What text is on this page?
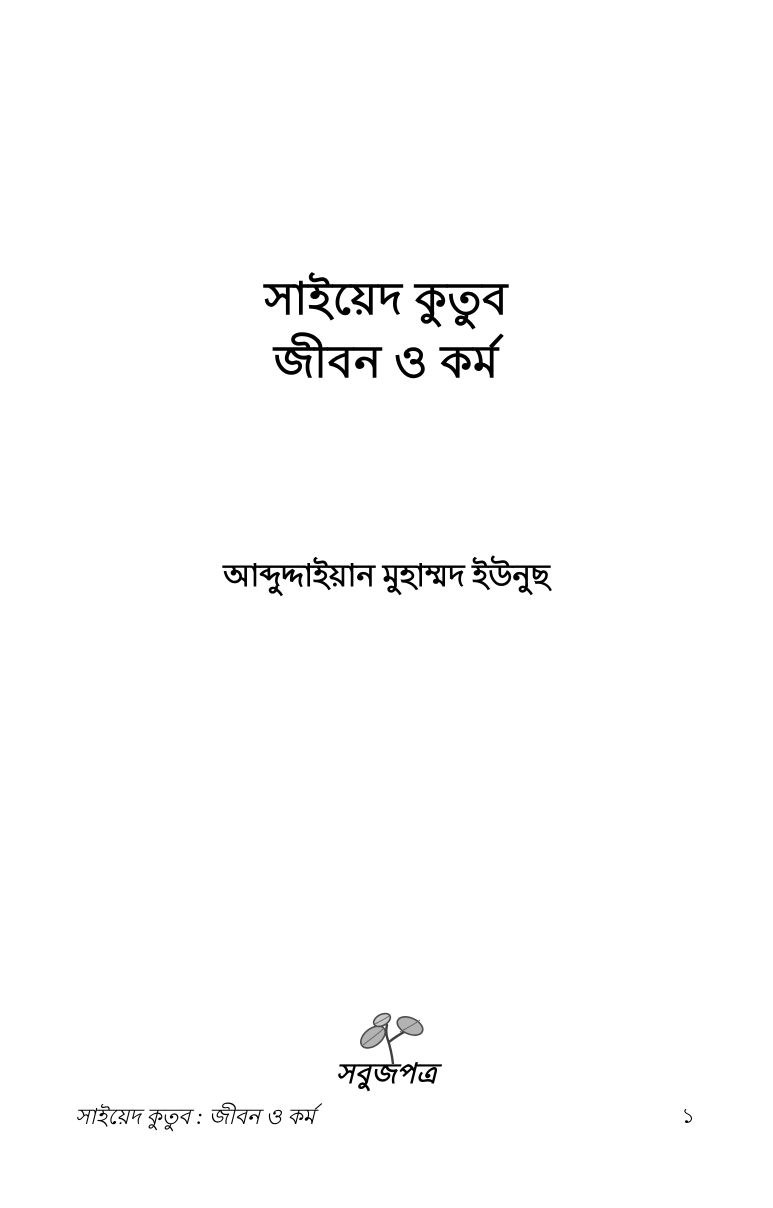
সাইয়েদ কুতুব
জীবন ও কর্ম
আব্দুদ্দাইয়ান মুহাম্মদ ইউনুছ
সবুজপত্র
সাইয়েদ কুতুব : জীবন ও কর্ম	১
